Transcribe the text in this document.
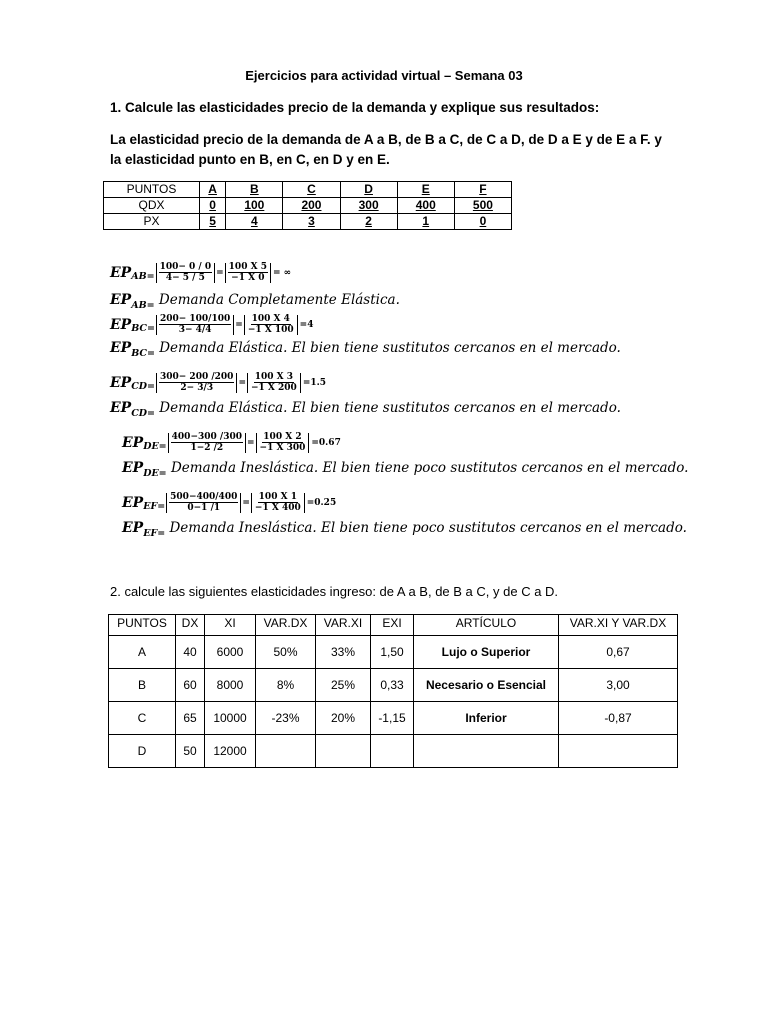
Ejercicios para actividad virtual – Semana 03
1. Calcule las elasticidades precio de la demanda y explique sus resultados:
La elasticidad precio de la demanda de A a B, de B a C, de C a D, de D a E y de E a F. y la elasticidad punto en B, en C, en D y en E.
PUNTOS	A	B	C	D	E	F
QDX	0	100	200	300	400	500
PX	5	4	3	2	1	0
EP $AB= \frac{100- 0 / 0}{4- 5 / 5} = \frac{100 X 5}{-1 X 0}$ = ∞
$EP_{AB=}$ Demanda Completamente Elástica.
EP $BC= \frac{200- 100/100}{3- 4/4} = \frac{100 X 4}{-1 X 100} =4$
$EP_{BC=}$ Demanda Elástica. El bien tiene sustitutos cercanos en el mercado.
EP $CD= \frac{300- 200 /200}{2- 3/3} = \frac{100 X 3}{-1 X 200} =1.5$
$EP_{CD=}$ Demanda Elástica. El bien tiene sustitutos cercanos en el mercado.
EP $DE= \frac{400-300 /300}{1-2 /2} = \frac{100 X 2}{-1 X 300} =0.67$
$EP_{DE=}$ Demanda Ineslástica. El bien tiene poco sustitutos cercanos en el mercado.
EP $EF= \frac{500-400/400}{0-1 /1} = \frac{100 X 1}{-1 X 400} =0.25$
$EP_{EF=}$ Demanda Ineslástica. El bien tiene poco sustitutos cercanos en el mercado.
2. calcule las siguientes elasticidades ingreso: de A a B, de B a C, y de C a D.
PUNTOS	DX	XI	VAR.DX	VAR.XI	EXI	ARTÍCULO	VAR.XI Y VAR.DX
A	40	6000	50%	33%	1,50	Lujo o Superior	0,67
B	60	8000	8%	25%	0,33	Necesario o Esencial	3,00
C	65	10000	-23%	20%	-1,15	Inferior	-0,87
D	50	12000					
